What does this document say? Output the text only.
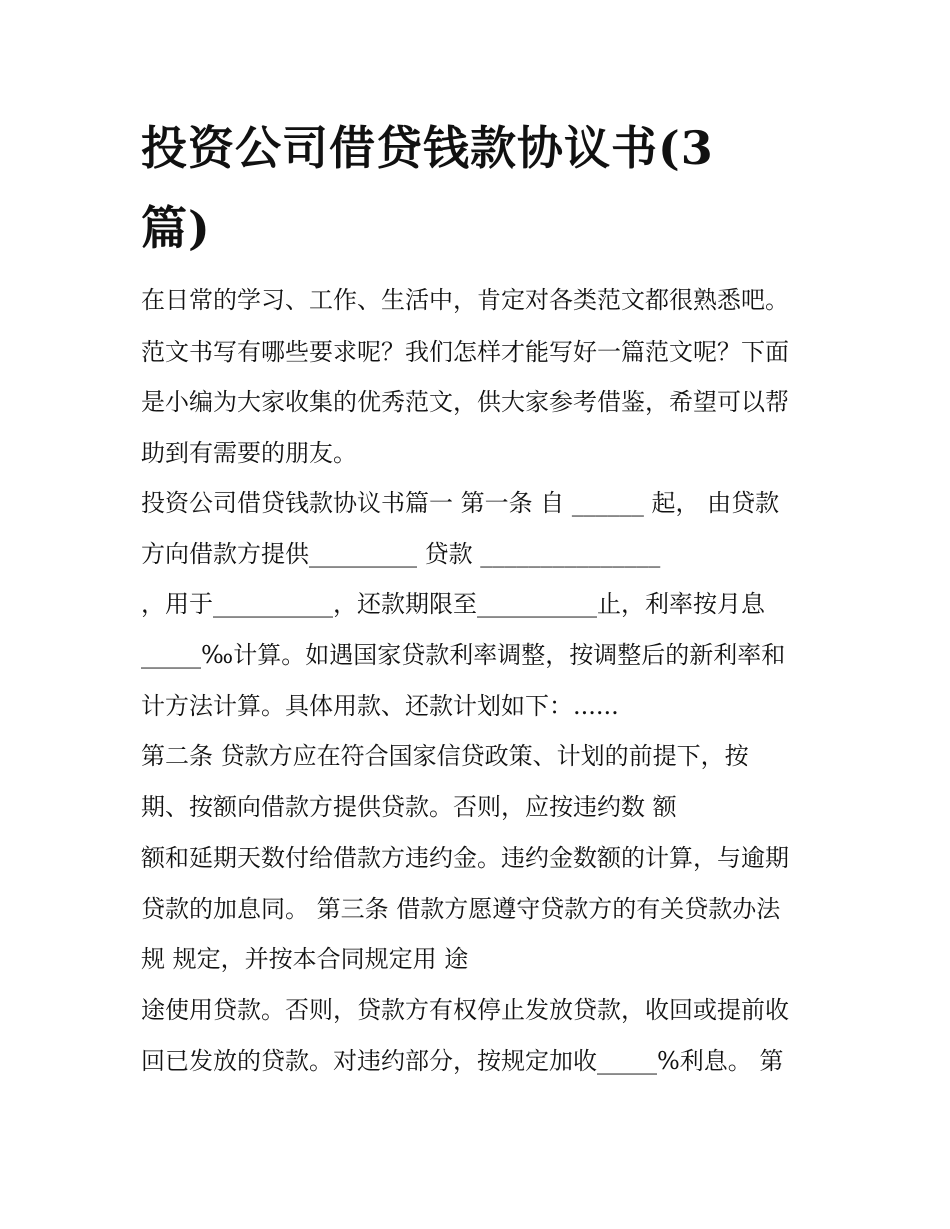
投资公司借贷钱款协议书(3
篇)

在日常的学习、工作、生活中，肯定对各类范文都很熟悉吧。

范文书写有哪些要求呢？我们怎样才能写好一篇范文呢？下面

是小编为大家收集的优秀范文，供大家参考借鉴，希望可以帮

助到有需要的朋友。

投资公司借贷钱款协议书篇一 第一条 自 ______ 起， 由贷款

方向借款方提供_________ 贷款 _______________

，用于__________，还款期限至__________止，利率按月息

_____‰计算。如遇国家贷款利率调整，按调整后的新利率和

计方法计算。具体用款、还款计划如下：......

第二条 贷款方应在符合国家信贷政策、计划的前提下，按

期、按额向借款方提供贷款。否则，应按违约数 额

额和延期天数付给借款方违约金。违约金数额的计算，与逾期

贷款的加息同。 第三条 借款方愿遵守贷款方的有关贷款办法

规 规定，并按本合同规定用 途

途使用贷款。否则，贷款方有权停止发放贷款，收回或提前收

回已发放的贷款。对违约部分，按规定加收_____%利息。 第
